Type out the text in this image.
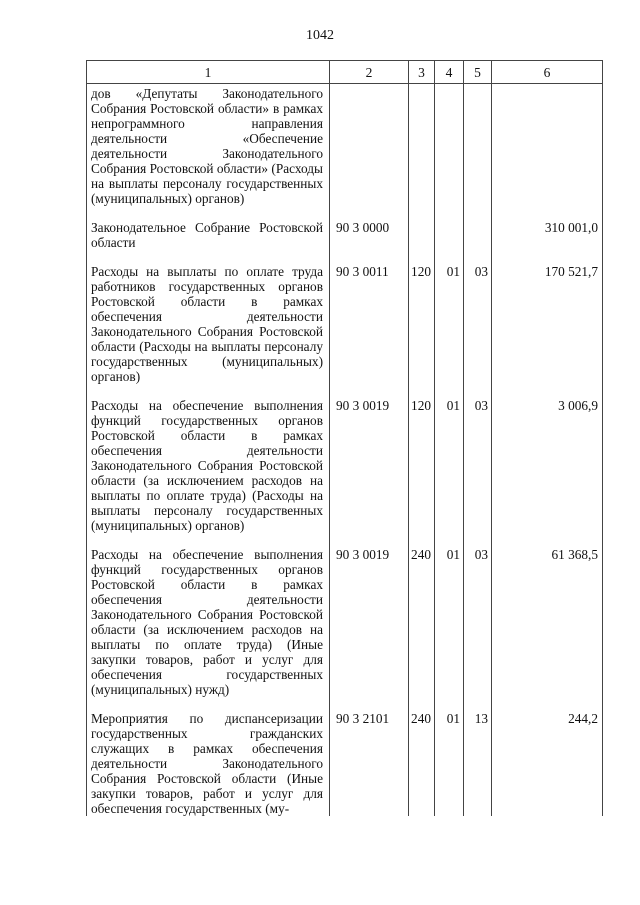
1042
1	2	3	4	5	6
дов «Депутаты Законодательного Собрания Ростовской области» в рамках непрограммного направления деятельности «Обеспечение деятельности Законодательного Собрания Ростовской области» (Расходы на выплаты персоналу государственных (муниципальных) органов)					
Законодательное Собрание Ростовской области	90 3 0000				310 001,0
Расходы на выплаты по оплате труда работников государственных органов Ростовской области в рамках обеспечения деятельности Законодательного Собрания Ростовской области (Расходы на выплаты персоналу государственных (муниципальных) органов)	90 3 0011	120	01	03	170 521,7
Расходы на обеспечение выполнения функций государственных органов Ростовской области в рамках обеспечения деятельности Законодательного Собрания Ростовской области (за исключением расходов на выплаты по оплате труда) (Расходы на выплаты персоналу государственных (муниципальных) органов)	90 3 0019	120	01	03	3 006,9
Расходы на обеспечение выполнения функций государственных органов Ростовской области в рамках обеспечения деятельности Законодательного Собрания Ростовской области (за исключением расходов на выплаты по оплате труда) (Иные закупки товаров, работ и услуг для обеспечения государственных (муниципальных) нужд)	90 3 0019	240	01	03	61 368,5
Мероприятия по диспансеризации государственных гражданских служащих в рамках обеспечения деятельности Законодательного Собрания Ростовской области (Иные закупки товаров, работ и услуг для обеспечения государственных (му-	90 3 2101	240	01	13	244,2
